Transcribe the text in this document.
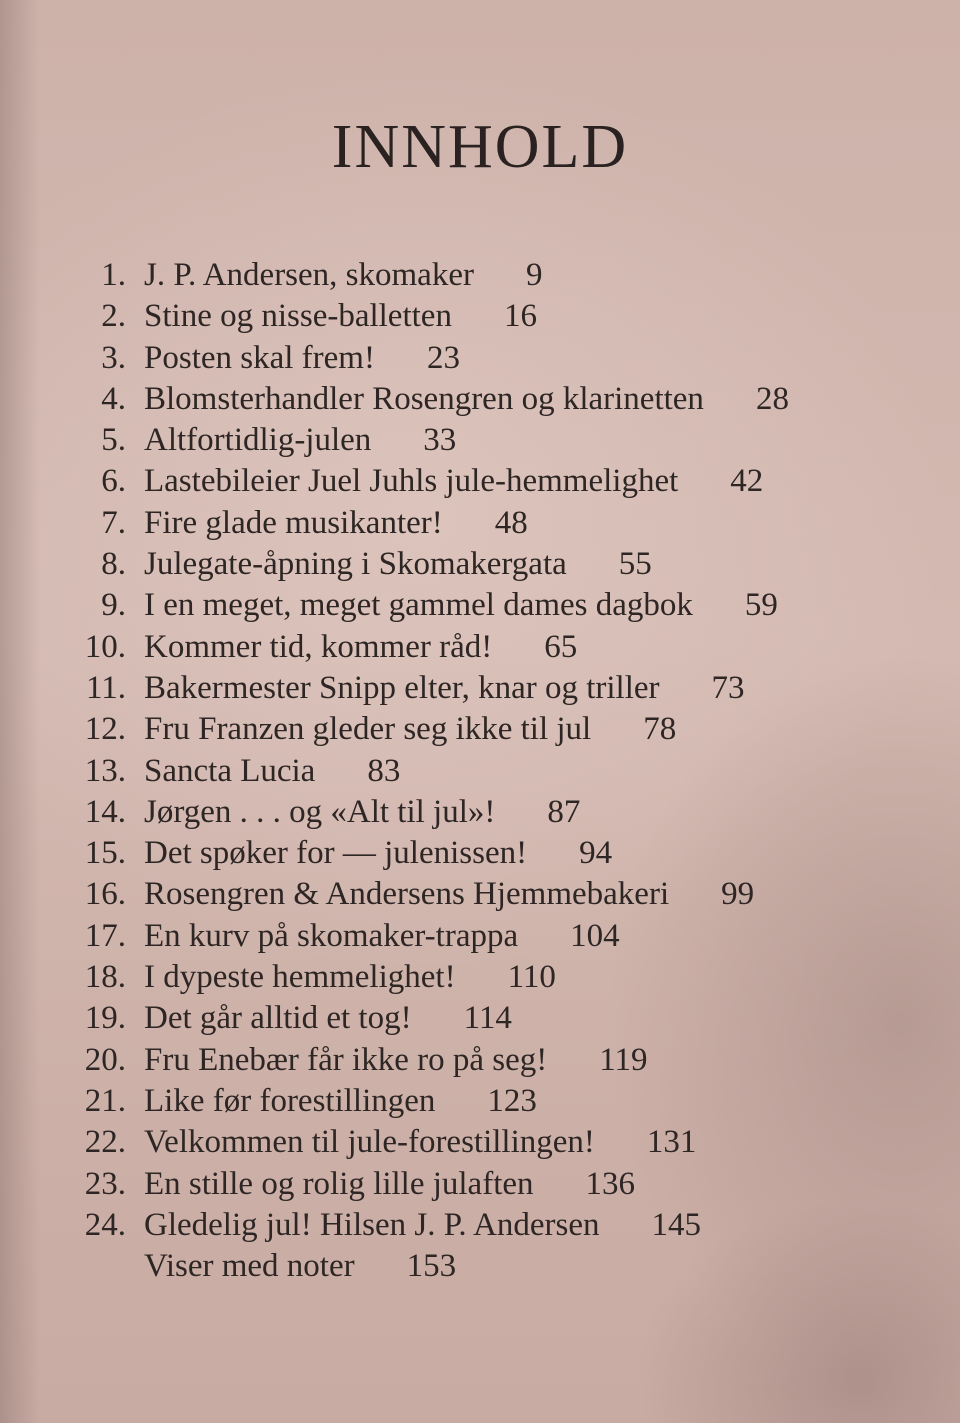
INNHOLD
1. J. P. Andersen, skomaker 9
2. Stine og nisse-balletten 16
3. Posten skal frem! 23
4. Blomsterhandler Rosengren og klarinetten 28
5. Altfortidlig-julen 33
6. Lastebileier Juel Juhls jule-hemmelighet 42
7. Fire glade musikanter! 48
8. Julegate-åpning i Skomakergata 55
9. I en meget, meget gammel dames dagbok 59
10. Kommer tid, kommer råd! 65
11. Bakermester Snipp elter, knar og triller 73
12. Fru Franzen gleder seg ikke til jul 78
13. Sancta Lucia 83
14. Jørgen . . . og «Alt til jul»! 87
15. Det spøker for — julenissen! 94
16. Rosengren & Andersens Hjemmebakeri 99
17. En kurv på skomaker-trappa 104
18. I dypeste hemmelighet! 110
19. Det går alltid et tog! 114
20. Fru Enebær får ikke ro på seg! 119
21. Like før forestillingen 123
22. Velkommen til jule-forestillingen! 131
23. En stille og rolig lille julaften 136
24. Gledelig jul! Hilsen J. P. Andersen 145
Viser med noter 153
